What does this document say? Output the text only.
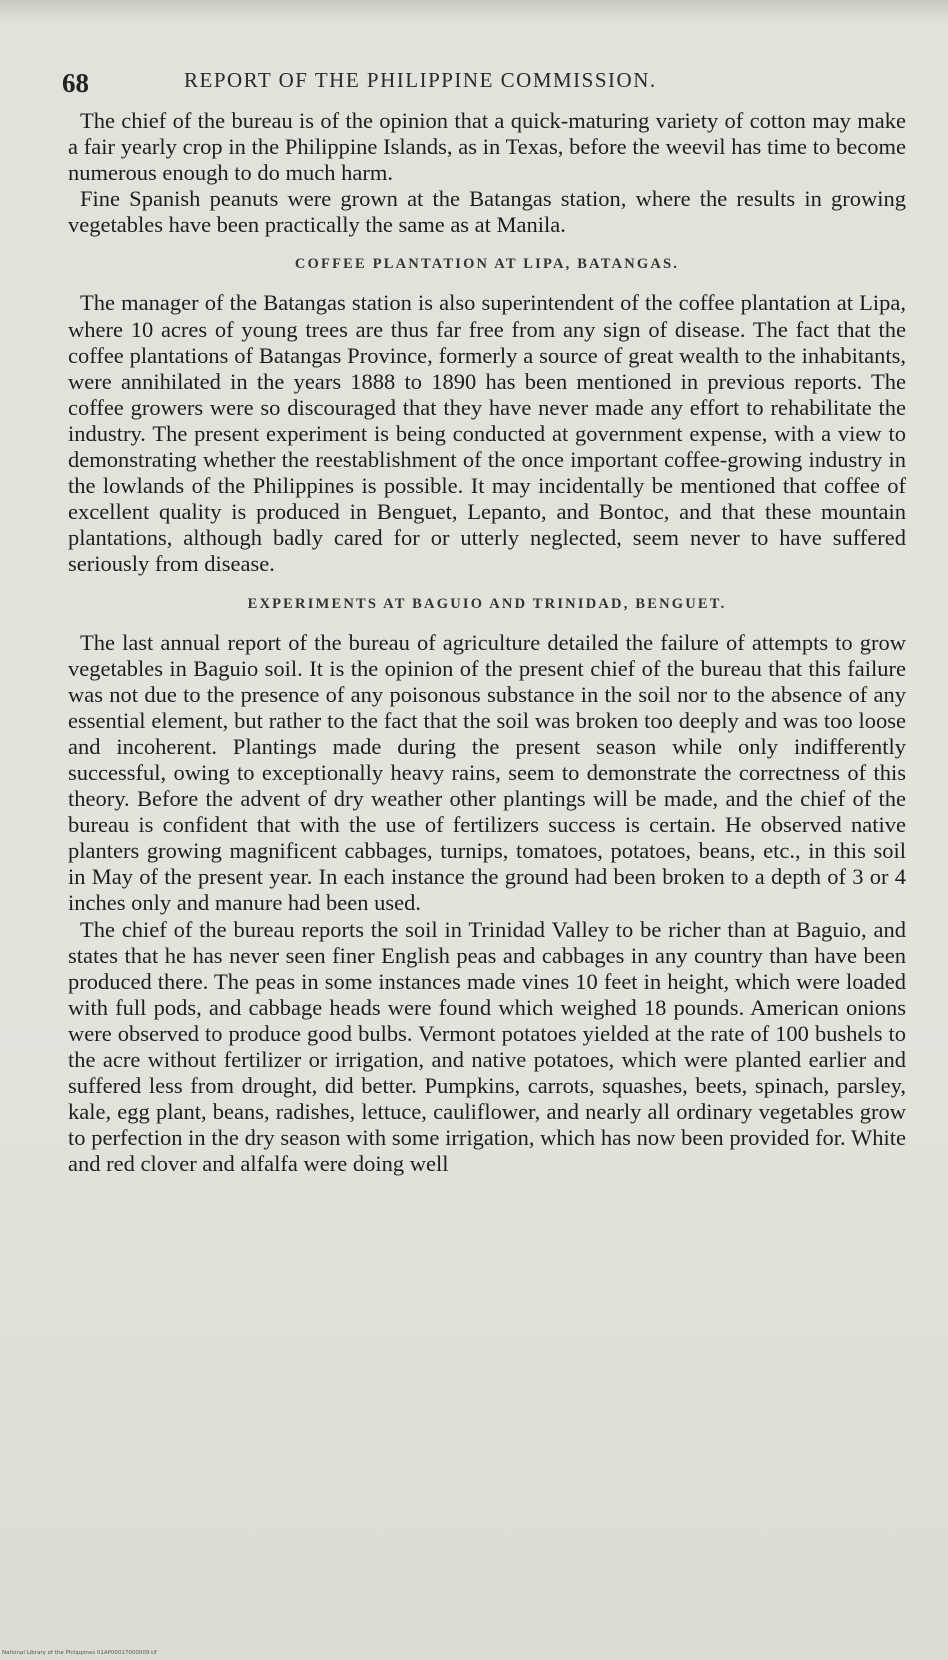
68	REPORT OF THE PHILIPPINE COMMISSION.

The chief of the bureau is of the opinion that a quick-maturing variety of cotton may make a fair yearly crop in the Philippine Islands, as in Texas, before the weevil has time to become numerous enough to do much harm.

Fine Spanish peanuts were grown at the Batangas station, where the results in growing vegetables have been practically the same as at Manila.

COFFEE PLANTATION AT LIPA, BATANGAS.

The manager of the Batangas station is also superintendent of the coffee plantation at Lipa, where 10 acres of young trees are thus far free from any sign of disease. The fact that the coffee plantations of Batangas Province, formerly a source of great wealth to the inhabitants, were annihilated in the years 1888 to 1890 has been mentioned in previous reports. The coffee growers were so discouraged that they have never made any effort to rehabilitate the industry. The present experiment is being conducted at government expense, with a view to demonstrating whether the reestablishment of the once important coffee-growing industry in the lowlands of the Philippines is possible. It may incidentally be mentioned that coffee of excellent quality is produced in Benguet, Lepanto, and Bontoc, and that these mountain plantations, although badly cared for or utterly neglected, seem never to have suffered seriously from disease.

EXPERIMENTS AT BAGUIO AND TRINIDAD, BENGUET.

The last annual report of the bureau of agriculture detailed the failure of attempts to grow vegetables in Baguio soil. It is the opinion of the present chief of the bureau that this failure was not due to the presence of any poisonous substance in the soil nor to the absence of any essential element, but rather to the fact that the soil was broken too deeply and was too loose and incoherent. Plantings made during the present season while only indifferently successful, owing to exceptionally heavy rains, seem to demonstrate the correctness of this theory. Before the advent of dry weather other plantings will be made, and the chief of the bureau is confident that with the use of fertilizers success is certain. He observed native planters growing magnificent cabbages, turnips, tomatoes, potatoes, beans, etc., in this soil in May of the present year. In each instance the ground had been broken to a depth of 3 or 4 inches only and manure had been used.

The chief of the bureau reports the soil in Trinidad Valley to be richer than at Baguio, and states that he has never seen finer English peas and cabbages in any country than have been produced there. The peas in some instances made vines 10 feet in height, which were loaded with full pods, and cabbage heads were found which weighed 18 pounds. American onions were observed to produce good bulbs. Vermont potatoes yielded at the rate of 100 bushels to the acre without fertilizer or irrigation, and native potatoes, which were planted earlier and suffered less from drought, did better. Pumpkins, carrots, squashes, beets, spinach, parsley, kale, egg plant, beans, radishes, lettuce, cauliflower, and nearly all ordinary vegetables grow to perfection in the dry season with some irrigation, which has now been provided for. White and red clover and alfalfa were doing well

National Library of the Philippines 01AP00017000009.tif
